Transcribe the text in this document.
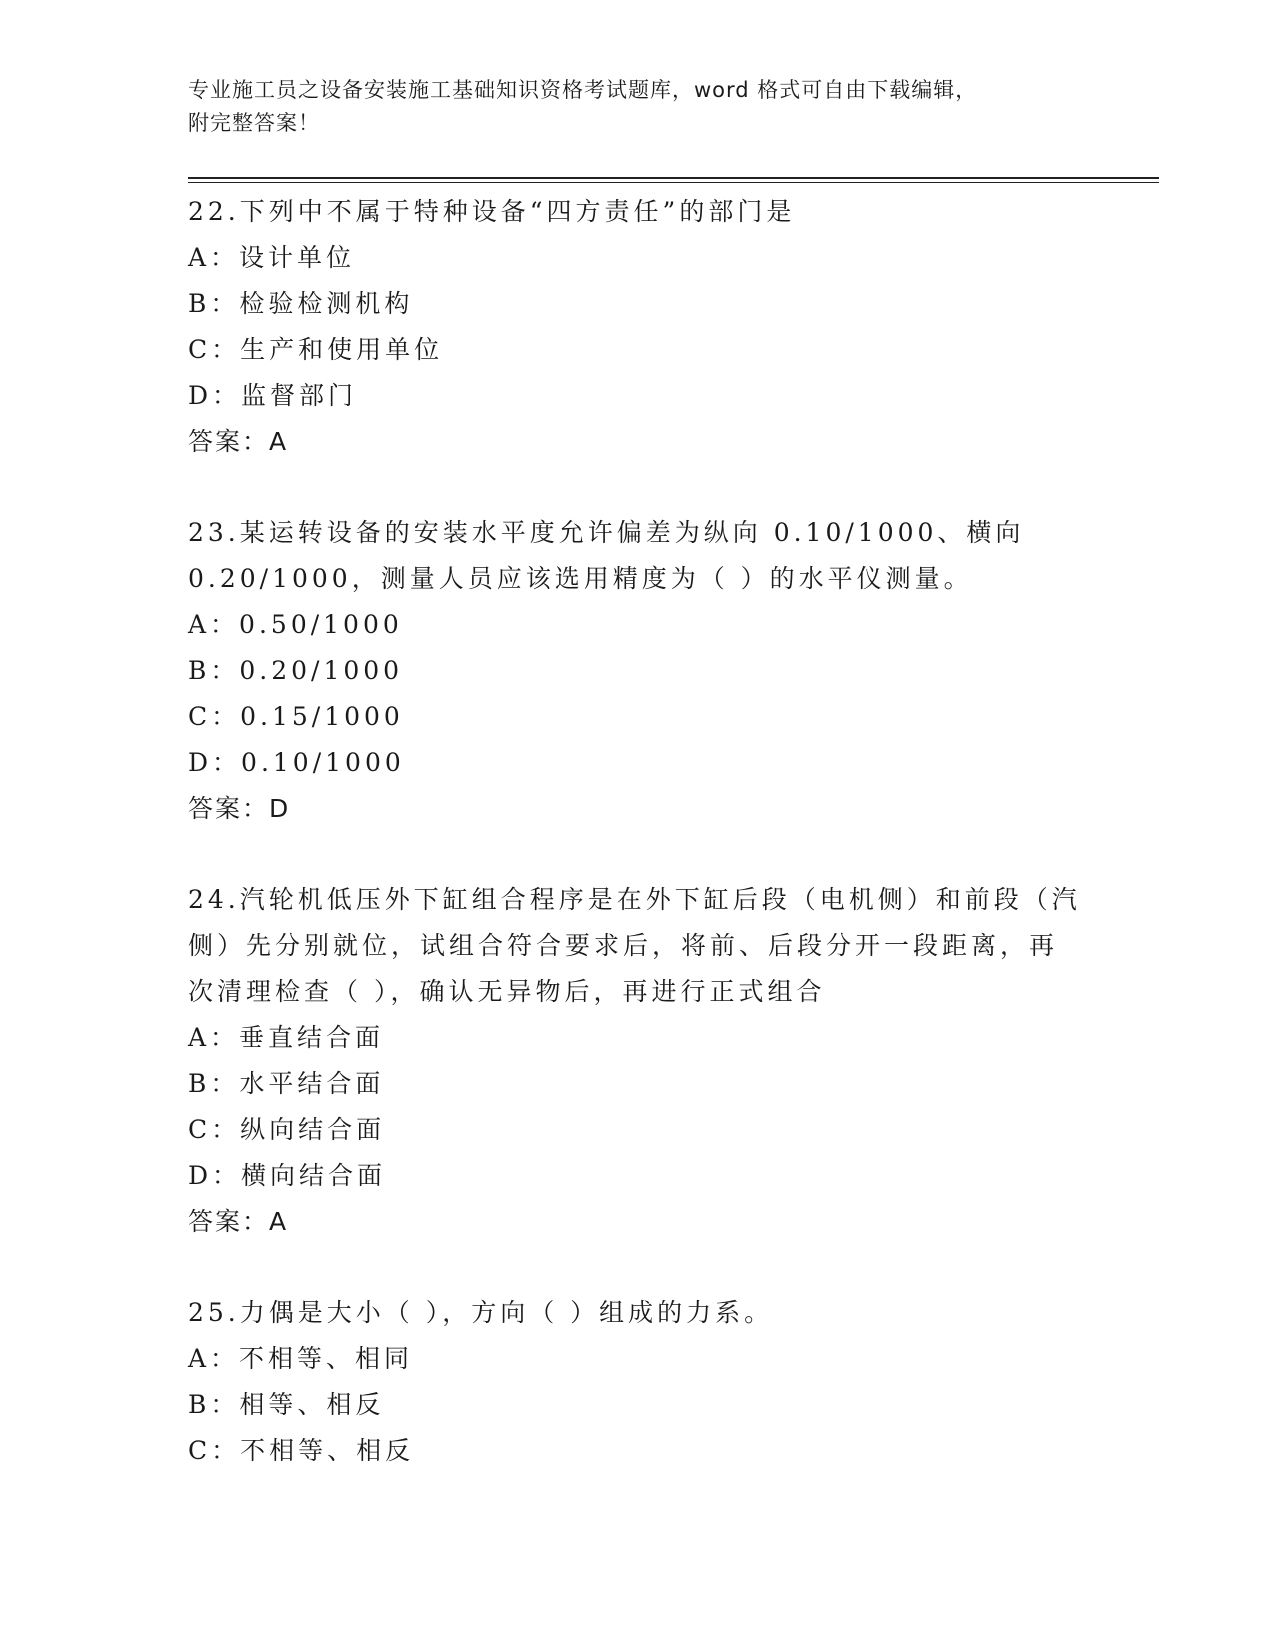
专业施工员之设备安装施工基础知识资格考试题库，word 格式可自由下载编辑，
附完整答案！
22.下列中不属于特种设备“四方责任”的部门是
A：设计单位
B：检验检测机构
C：生产和使用单位
D：监督部门
答案：A
23.某运转设备的安装水平度允许偏差为纵向 0.10/1000、横向
0.20/1000，测量人员应该选用精度为（ ）的水平仪测量。
A：0.50/1000
B：0.20/1000
C：0.15/1000
D：0.10/1000
答案：D
24.汽轮机低压外下缸组合程序是在外下缸后段（电机侧）和前段（汽
侧）先分别就位，试组合符合要求后，将前、后段分开一段距离，再
次清理检查（ ），确认无异物后，再进行正式组合
A：垂直结合面
B：水平结合面
C：纵向结合面
D：横向结合面
答案：A
25.力偶是大小（ ），方向（ ）组成的力系。
A：不相等、相同
B：相等、相反
C：不相等、相反
